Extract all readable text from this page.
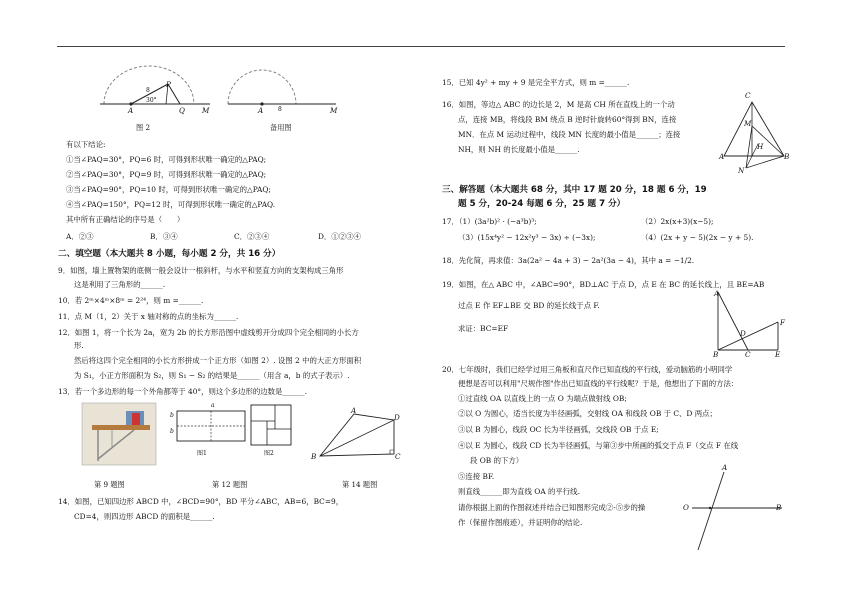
P
8
30°
A	Q M
图 2
A 8	M
备用图
有以下结论:
①当∠PAQ=30°，PQ=6 时，可得到形状唯一确定的△PAQ;
②当∠PAQ=30°，PQ=9 时，可得到形状唯一确定的△PAQ;
③当∠PAQ=90°，PQ=10 时，可得到形状唯一确定的△PAQ;
④当∠PAQ=150°，PQ=12 时，可得到形状唯一确定的△PAQ.
其中所有正确结论的序号是（　　）
A．②③	B．③④	C．②③④	D．①②③④
二、填空题（本大题共 8 小题，每小题 2 分，共 16 分）
9．如图，墙上置物架的底侧一般会设计一根斜杆，与水平和竖直方向的支架构成三角形
这是利用了三角形的______.
10．若 2ᵐ×4ᵐ×8ᵐ = 2²⁴，则 m =______.
11．点 M（1，2）关于 x 轴对称的点的坐标为______.
12．如图 1，将一个长为 2a，宽为 2b 的长方形沿图中虚线剪开分成四个完全相同的小长方
形.
然后将这四个完全相同的小长方形拼成一个正方形（如图 2）. 设图 2 中的大正方形面积
为 S₁，小正方形面积为 S₂，则 S₁ − S₂ 的结果是______（用含 a，b 的式子表示）.
13．若一个多边形的每一个外角都等于 40°，则这个多边形的边数是______.
第 9 题图
a
b
b
图1	图2
第 12 题图
A
D
B	C
第 14 题图
14．如图，已知四边形 ABCD 中，∠BCD=90°，BD 平分∠ABC，AB=6，BC=9，
CD=4，则四边形 ABCD 的面积是______.
15．已知 4y² + my + 9 是完全平方式，则 m =______.
16．如图，等边△ ABC 的边长是 2，M 是高 CH 所在直线上的一个动
点，连接 MB，将线段 BM 绕点 B 逆时针旋转60°得到 BN，连接
MN．在点 M 运动过程中，线段 MN 长度的最小值是______；连接
NH，则 NH 的长度最小值是______.
C
M
H
A	B
N
三、解答题（本大题共 68 分，其中 17 题 20 分，18 题 6 分，19
题 5 分，20-24 每题 6 分，25 题 7 分）
17．（1）(3a²b)² · (−a³b)³;	（2）2x(x+3)(x−5);
（3）(15x⁴y² − 12x²y³ − 3x) ÷ (−3x);	（4）(2x + y − 5)(2x − y + 5).
18．先化简，再求值：3a(2a² − 4a + 3) − 2a²(3a − 4)，其中 a = −1/2.
19．如图，在△ ABC 中，∠ABC=90°，BD⊥AC 于点 D，点 E 在 BC 的延长线上，且 BE=AB
过点 E 作 EF⊥BE 交 BD 的延长线于点 F.
求证：BC=EF
A
D
F
B	C	E
20．七年级时，我们已经学过用三角板和直尺作已知直线的平行线，爱动脑筋的小明同学
便想是否可以利用"尺规作图"作出已知直线的平行线呢？于是，他想出了下面的方法：
①过直线 OA 以直线上的一点 O 为端点做射线 OB;
②以 O 为圆心，适当长度为半径画弧，交射线 OA 和线段 OB 于 C、D 两点；
③以 B 为圆心，线段 OC 长为半径画弧，交线段 OB 于点 E;
④以 E 为圆心，线段 CD 长为半径画弧，与第③步中所画的弧交于点 F（交点 F 在线
段 OB 的下方）
⑤连接 BF.
则直线______即为直线 OA 的平行线.
请你根据上面的作图叙述并结合已知图形完成②-⑤步的操
作（保留作图痕迹），并证明你的结论.
A
O	B
